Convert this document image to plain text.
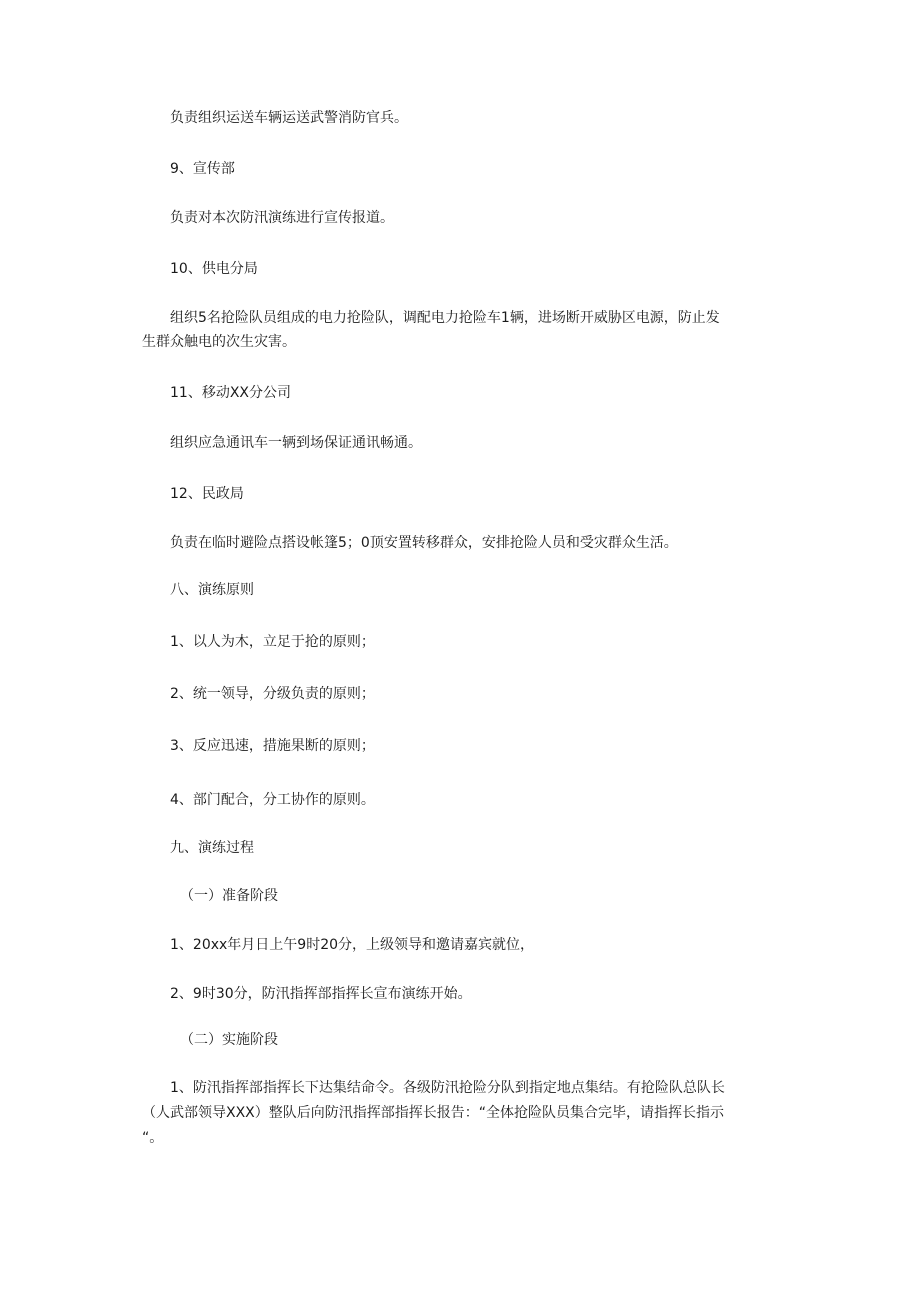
负责组织运送车辆运送武警消防官兵。

9、宣传部

负责对本次防汛演练进行宣传报道。

10、供电分局

组织5名抢险队员组成的电力抢险队，调配电力抢险车1辆，进场断开威胁区电源，防止发

生群众触电的次生灾害。

11、移动XX分公司

组织应急通讯车一辆到场保证通讯畅通。

12、民政局

负责在临时避险点搭设帐篷5；0顶安置转移群众，安排抢险人员和受灾群众生活。

八、演练原则

1、以人为木，立足于抢的原则；

2、统一领导，分级负责的原则；

3、反应迅速，措施果断的原则；

4、部门配合，分工协作的原则。

九、演练过程

（一）准备阶段

1、20xx年月日上午9时20分，上级领导和邀请嘉宾就位，

2、9时30分，防汛指挥部指挥长宣布演练开始。

（二）实施阶段

1、防汛指挥部指挥长下达集结命令。各级防汛抢险分队到指定地点集结。有抢险队总队长

（人武部领导XXX）整队后向防汛指挥部指挥长报告：“全体抢险队员集合完毕，请指挥长指示

“。
